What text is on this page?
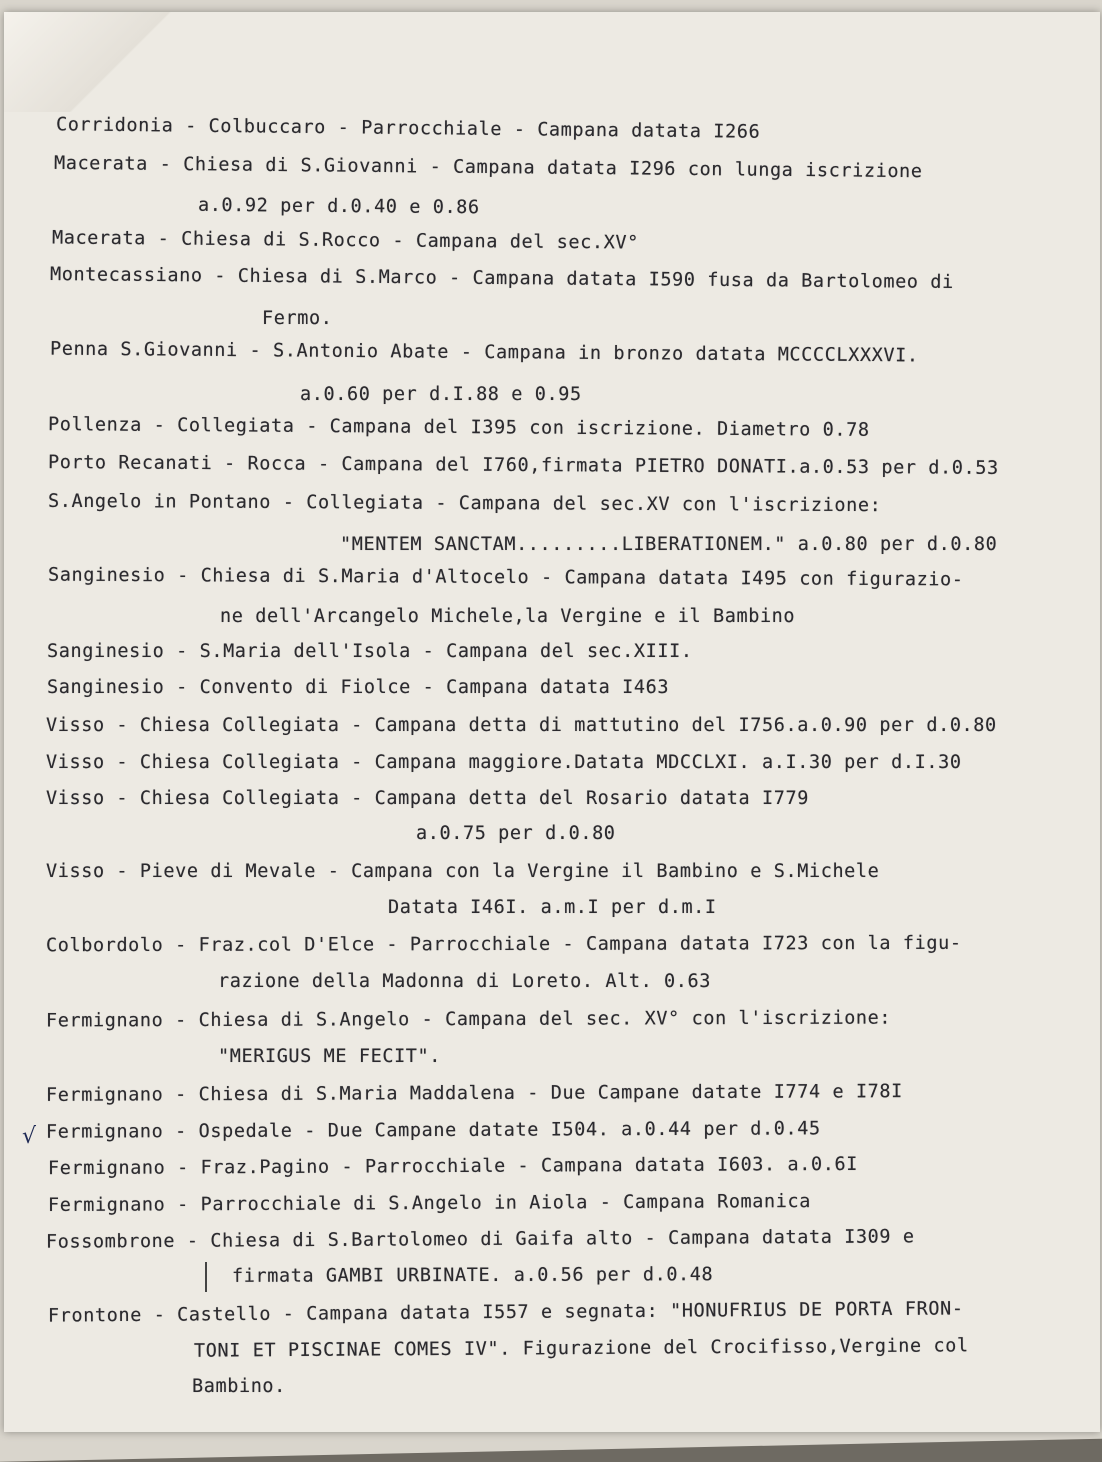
Corridonia - Colbuccaro - Parrocchiale - Campana datata I266
Macerata - Chiesa di S.Giovanni - Campana datata I296 con lunga iscrizione
a.0.92 per d.0.40 e 0.86
Macerata - Chiesa di S.Rocco - Campana del sec.XV°
Montecassiano - Chiesa di S.Marco - Campana datata I590 fusa da Bartolomeo di
Fermo.
Penna S.Giovanni - S.Antonio Abate - Campana in bronzo datata MCCCCLXXXVI.
a.0.60 per d.I.88 e 0.95
Pollenza - Collegiata - Campana del I395 con iscrizione. Diametro 0.78
Porto Recanati - Rocca - Campana del I760,firmata PIETRO DONATI.a.0.53 per d.0.53
S.Angelo in Pontano - Collegiata - Campana del sec.XV con l'iscrizione:
"MENTEM SANCTAM.........LIBERATIONEM." a.0.80 per d.0.80
Sanginesio - Chiesa di S.Maria d'Altocelo - Campana datata I495 con figurazio-
ne dell'Arcangelo Michele,la Vergine e il Bambino
Sanginesio - S.Maria dell'Isola - Campana del sec.XIII.
Sanginesio - Convento di Fiolce - Campana datata I463
Visso - Chiesa Collegiata - Campana detta di mattutino del I756.a.0.90 per d.0.80
Visso - Chiesa Collegiata - Campana maggiore.Datata MDCCLXI. a.I.30 per d.I.30
Visso - Chiesa Collegiata - Campana detta del Rosario datata I779
a.0.75 per d.0.80
Visso - Pieve di Mevale - Campana con la Vergine il Bambino e S.Michele
Datata I46I. a.m.I per d.m.I
Colbordolo - Fraz.col D'Elce - Parrocchiale - Campana datata I723 con la figu-
razione della Madonna di Loreto. Alt. 0.63
Fermignano - Chiesa di S.Angelo - Campana del sec. XV° con l'iscrizione:
"MERIGUS ME FECIT".
Fermignano - Chiesa di S.Maria Maddalena - Due Campane datate I774 e I78I
Fermignano - Ospedale - Due Campane datate I504. a.0.44 per d.0.45
Fermignano - Fraz.Pagino - Parrocchiale - Campana datata I603. a.0.6I
Fermignano - Parrocchiale di S.Angelo in Aiola - Campana Romanica
Fossombrone - Chiesa di S.Bartolomeo di Gaifa alto - Campana datata I309 e
firmata GAMBI URBINATE. a.0.56 per d.0.48
Frontone - Castello - Campana datata I557 e segnata: "HONUFRIUS DE PORTA FRON-
TONI ET PISCINAE COMES IV". Figurazione del Crocifisso,Vergine col
Bambino.
√
